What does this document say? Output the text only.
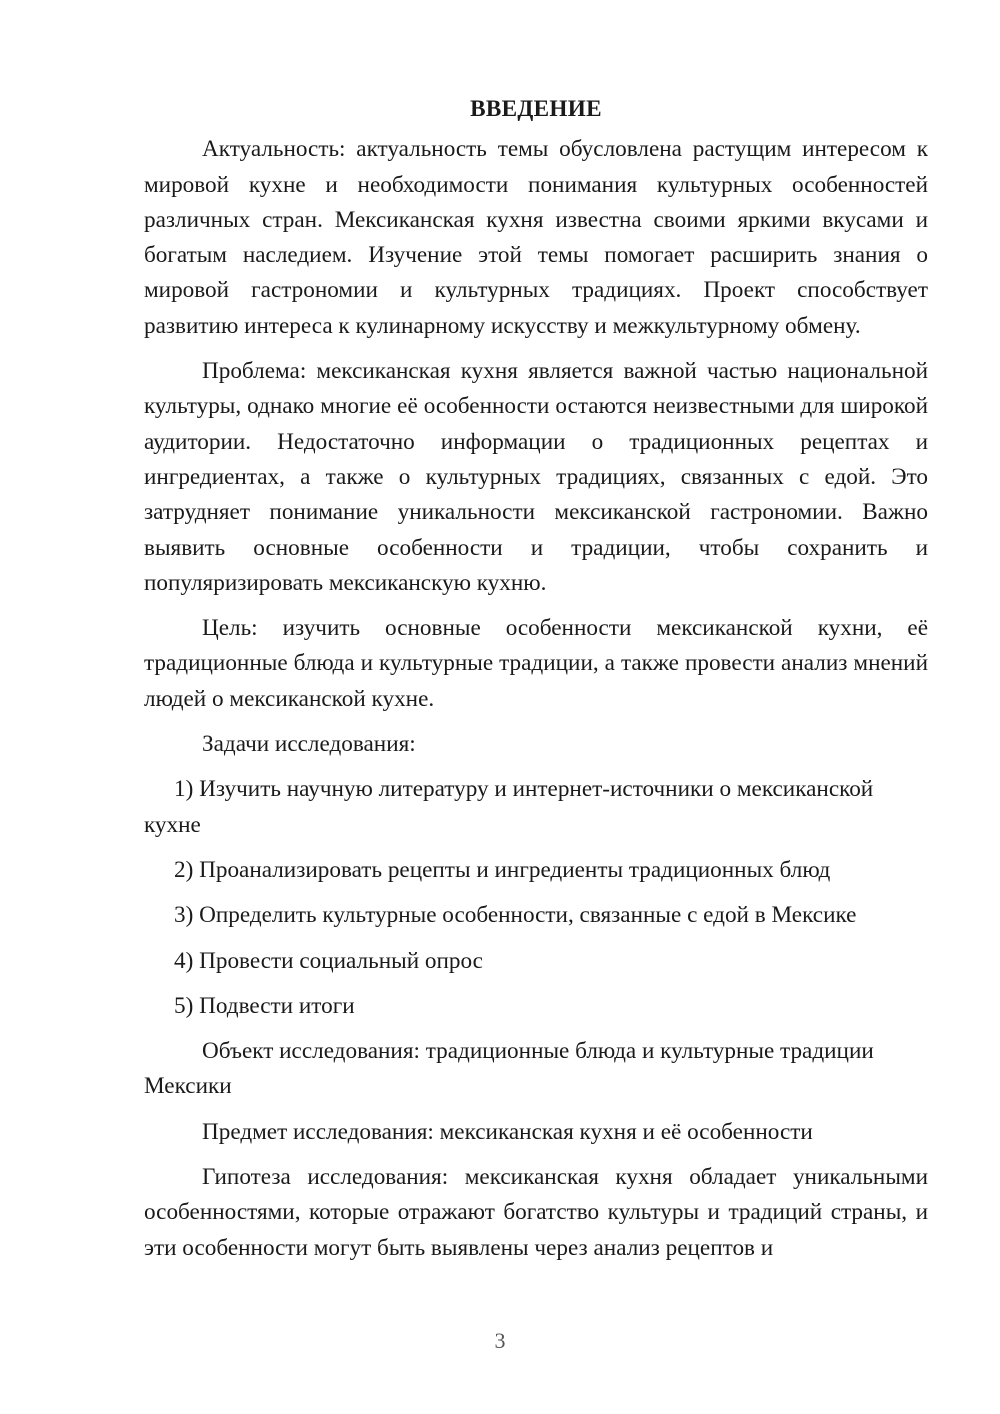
ВВЕДЕНИЕ

Актуальность: актуальность темы обусловлена растущим интересом к мировой кухне и необходимости понимания культурных особенностей различных стран. Мексиканская кухня известна своими яркими вкусами и богатым наследием. Изучение этой темы помогает расширить знания о мировой гастрономии и культурных традициях. Проект способствует развитию интереса к кулинарному искусству и межкультурному обмену.

Проблема: мексиканская кухня является важной частью национальной культуры, однако многие её особенности остаются неизвестными для широкой аудитории. Недостаточно информации о традиционных рецептах и ингредиентах, а также о культурных традициях, связанных с едой. Это затрудняет понимание уникальности мексиканской гастрономии. Важно выявить основные особенности и традиции, чтобы сохранить и популяризировать мексиканскую кухню.

Цель: изучить основные особенности мексиканской кухни, её традиционные блюда и культурные традиции, а также провести анализ мнений людей о мексиканской кухне.

Задачи исследования:

1) Изучить научную литературу и интернет-источники о мексиканской кухне

2) Проанализировать рецепты и ингредиенты традиционных блюд

3) Определить культурные особенности, связанные с едой в Мексике

4) Провести социальный опрос

5) Подвести итоги

Объект исследования: традиционные блюда и культурные традиции Мексики

Предмет исследования: мексиканская кухня и её особенности

Гипотеза исследования: мексиканская кухня обладает уникальными особенностями, которые отражают богатство культуры и традиций страны, и эти особенности могут быть выявлены через анализ рецептов и

3
